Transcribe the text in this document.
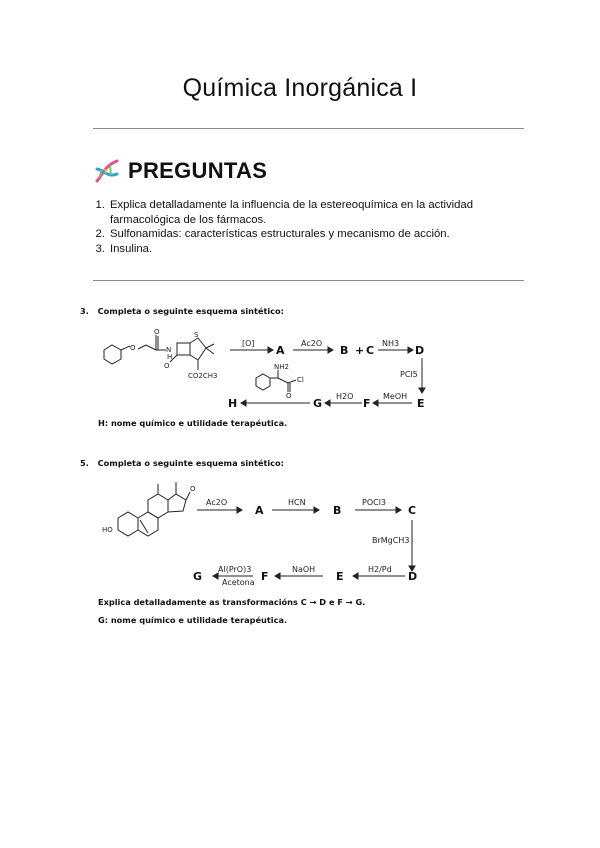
Química Inorgánica I
PREGUNTAS
1. Explica detalladamente la influencia de la estereoquímica en la actividad farmacológica de los fármacos.
2. Sulfonamidas: características estructurales y mecanismo de acción.
3. Insulina.
3. Completa o seguinte esquema sintético:
O
O
N
H
S
O
CO2CH3
[O]	Ac2O	NH3
PCl5
MeOH
H2O
A	B + C	D
E
F
G
H
NH2
Cl
O
H: nome químico e utilidade terapéutica.
5. Completa o seguinte esquema sintético:
O
HO
Ac2O	HCN	POCl3
BrMgCH3
H2/Pd
NaOH
Al(PrO)3
Acetona
A	B	C
D
E
F
G
Explica detalladamente as transformacións C → D e F → G.
G: nome químico e utilidade terapéutica.
